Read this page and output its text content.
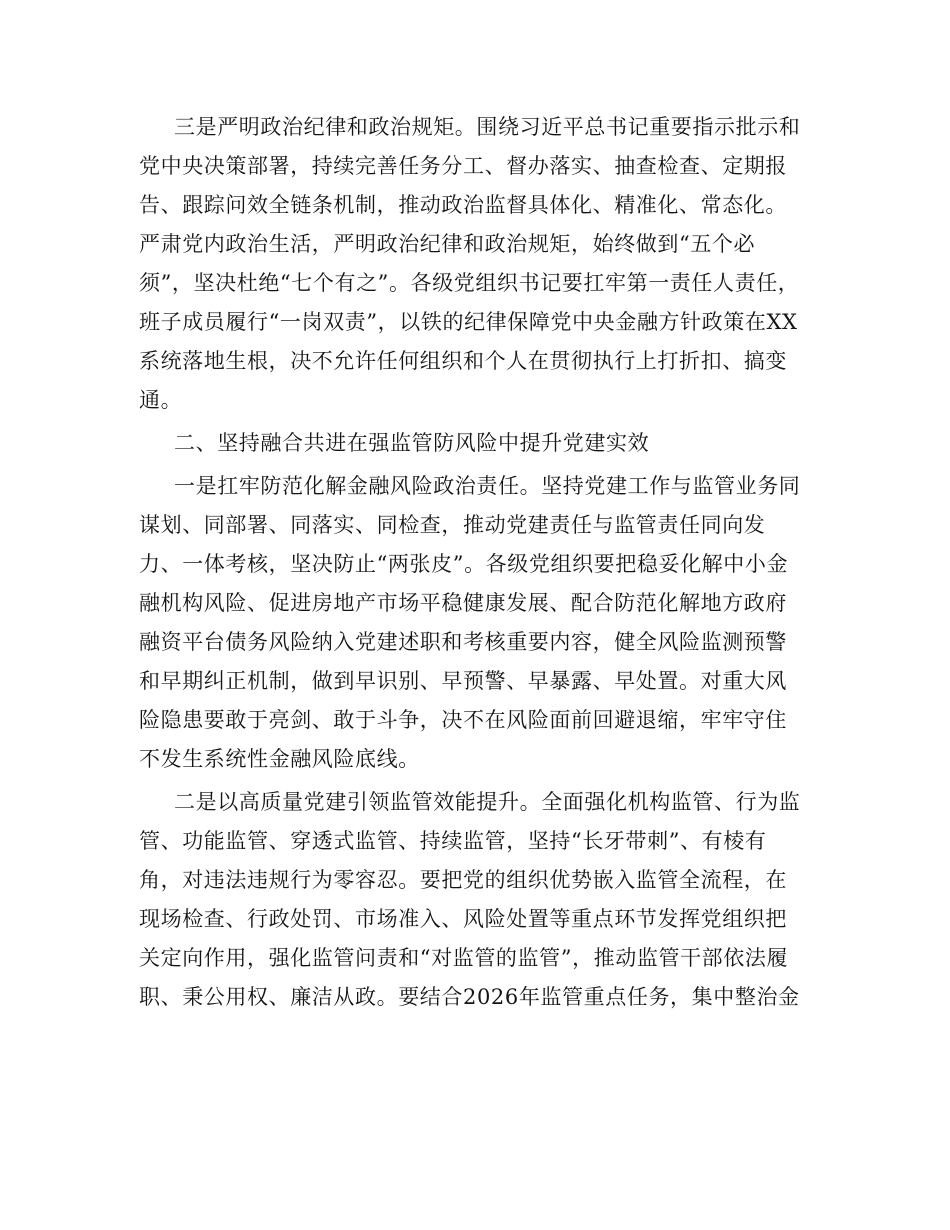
三是严明政治纪律和政治规矩。围绕习近平总书记重要指示批示和
党中央决策部署，持续完善任务分工、督办落实、抽查检查、定期报
告、跟踪问效全链条机制，推动政治监督具体化、精准化、常态化。
严肃党内政治生活，严明政治纪律和政治规矩，始终做到“五个必
须”，坚决杜绝“七个有之”。各级党组织书记要扛牢第一责任人责任，
班子成员履行“一岗双责”，以铁的纪律保障党中央金融方针政策在XX
系统落地生根，决不允许任何组织和个人在贯彻执行上打折扣、搞变
通。
二、坚持融合共进在强监管防风险中提升党建实效
一是扛牢防范化解金融风险政治责任。坚持党建工作与监管业务同
谋划、同部署、同落实、同检查，推动党建责任与监管责任同向发
力、一体考核，坚决防止“两张皮”。各级党组织要把稳妥化解中小金
融机构风险、促进房地产市场平稳健康发展、配合防范化解地方政府
融资平台债务风险纳入党建述职和考核重要内容，健全风险监测预警
和早期纠正机制，做到早识别、早预警、早暴露、早处置。对重大风
险隐患要敢于亮剑、敢于斗争，决不在风险面前回避退缩，牢牢守住
不发生系统性金融风险底线。
二是以高质量党建引领监管效能提升。全面强化机构监管、行为监
管、功能监管、穿透式监管、持续监管，坚持“长牙带刺”、有棱有
角，对违法违规行为零容忍。要把党的组织优势嵌入监管全流程，在
现场检查、行政处罚、市场准入、风险处置等重点环节发挥党组织把
关定向作用，强化监管问责和“对监管的监管”，推动监管干部依法履
职、秉公用权、廉洁从政。要结合2026年监管重点任务，集中整治金
